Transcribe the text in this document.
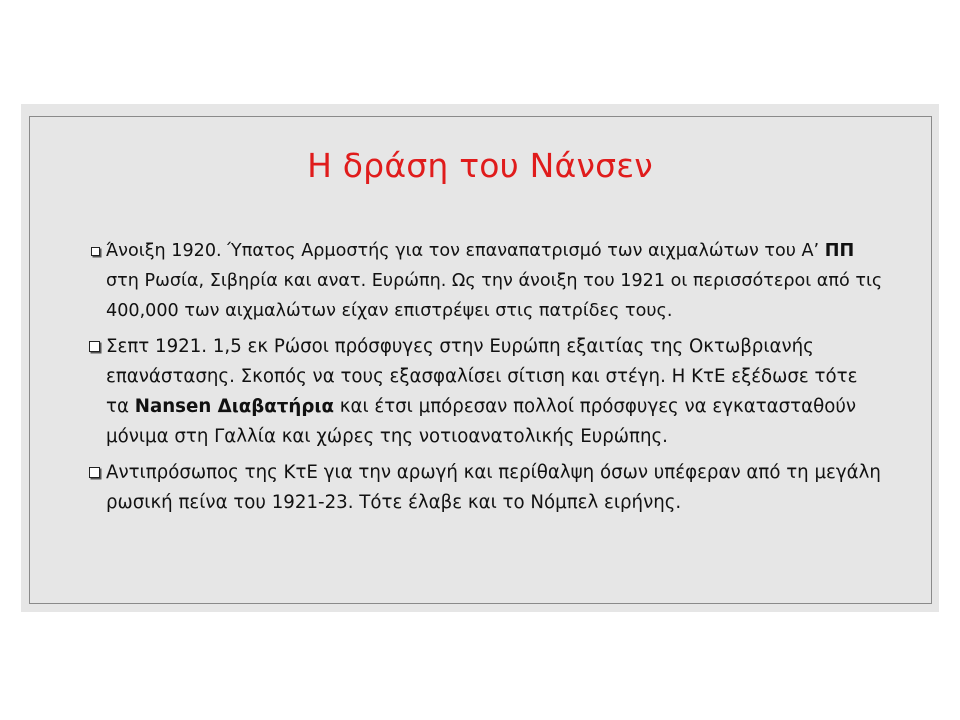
Η δράση του Νάνσεν
Άνοιξη 1920. Ύπατος Αρμοστής για τον επαναπατρισμό των αιχμαλώτων του Α’ ΠΠ στη Ρωσία, Σιβηρία και ανατ. Ευρώπη. Ως την άνοιξη του 1921 οι περισσότεροι από τις 400,000 των αιχμαλώτων είχαν επιστρέψει στις πατρίδες τους.
Σεπτ 1921. 1,5 εκ Ρώσοι πρόσφυγες στην Ευρώπη εξαιτίας της Οκτωβριανής επανάστασης. Σκοπός να τους εξασφαλίσει σίτιση και στέγη. Η ΚτΕ εξέδωσε τότε τα Nansen Διαβατήρια και έτσι μπόρεσαν πολλοί πρόσφυγες να εγκατασταθούν μόνιμα στη Γαλλία και χώρες της νοτιοανατολικής Ευρώπης.
Αντιπρόσωπος της ΚτΕ για την αρωγή και περίθαλψη όσων υπέφεραν από τη μεγάλη ρωσική πείνα του 1921-23. Τότε έλαβε και το Νόμπελ ειρήνης.
